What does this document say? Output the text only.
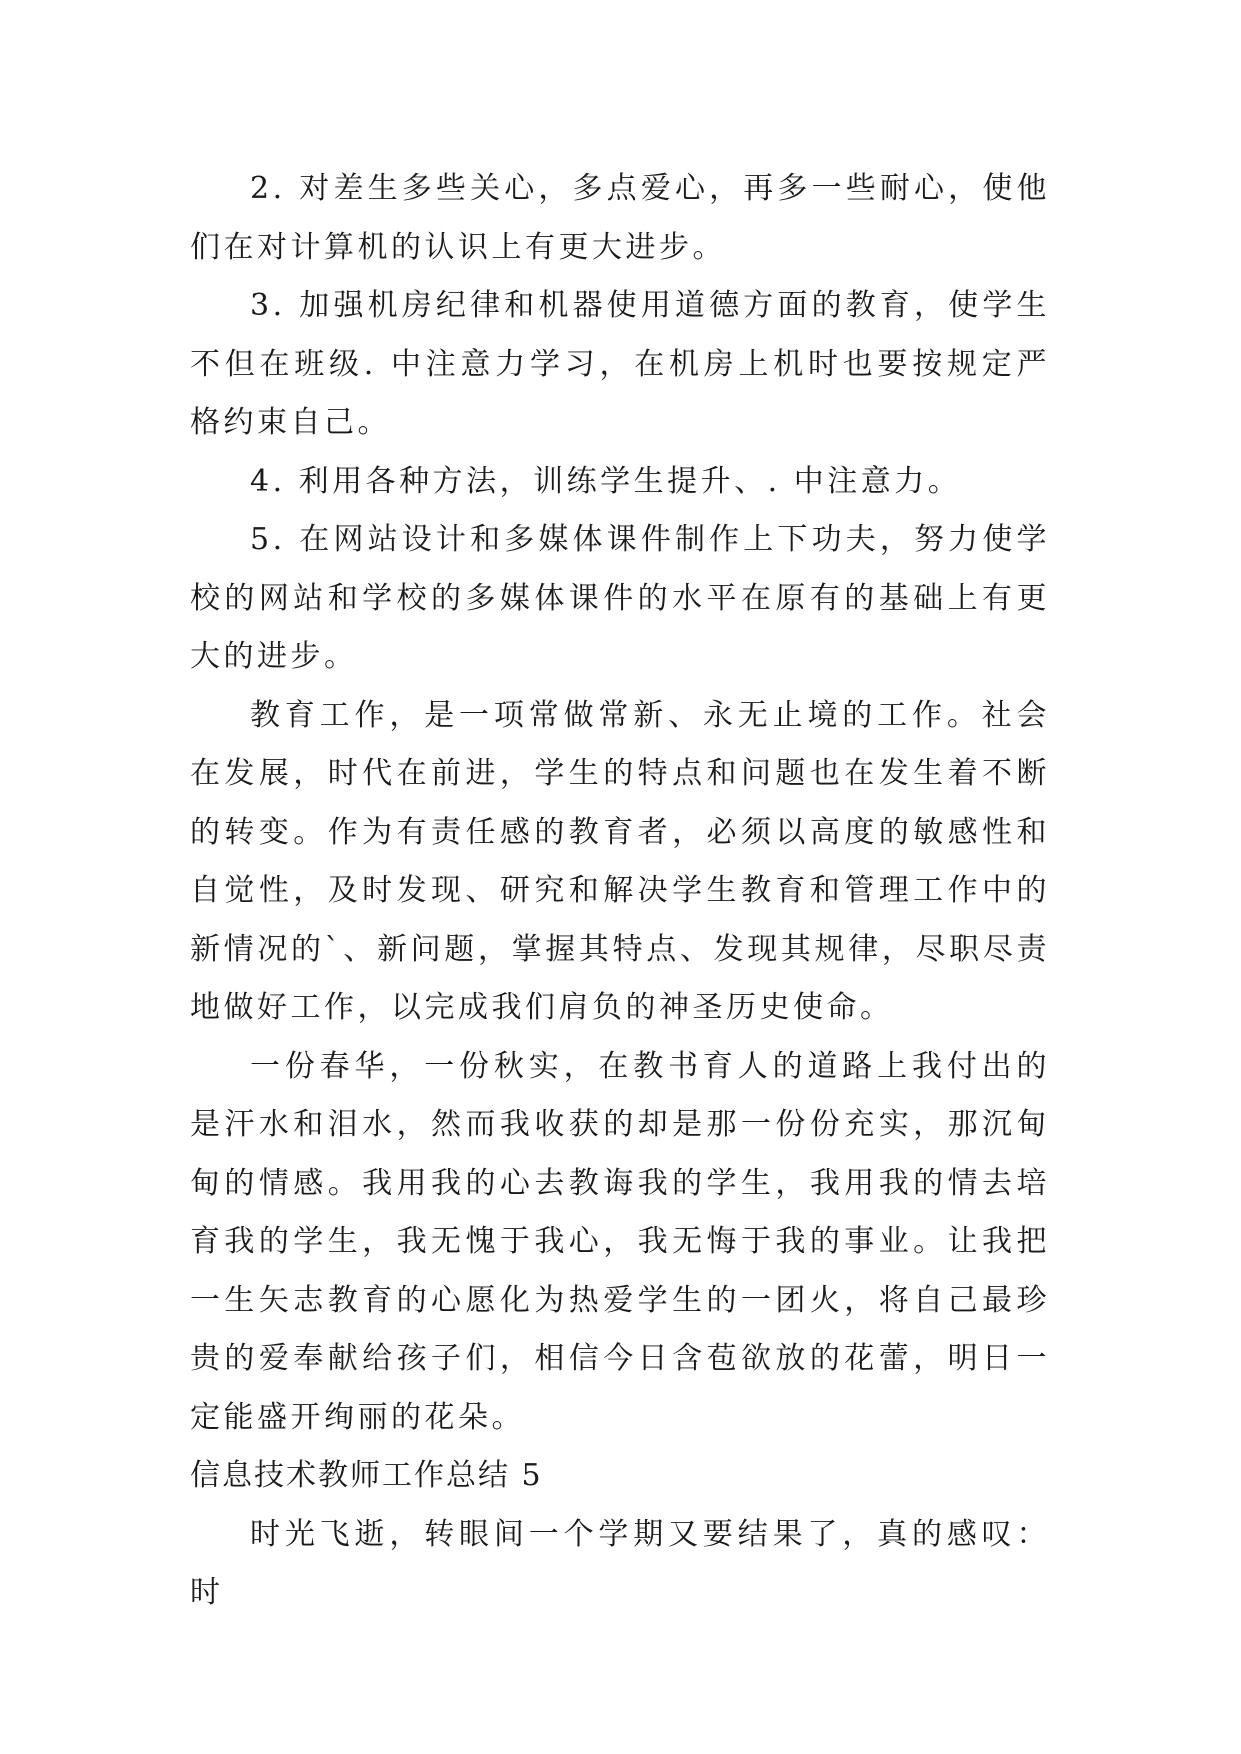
2. 对差生多些关心，多点爱心，再多一些耐心，使他们在对计算机的认识上有更大进步。

3. 加强机房纪律和机器使用道德方面的教育，使学生不但在班级. 中注意力学习，在机房上机时也要按规定严格约束自己。

4. 利用各种方法，训练学生提升、. 中注意力。

5. 在网站设计和多媒体课件制作上下功夫，努力使学校的网站和学校的多媒体课件的水平在原有的基础上有更大的进步。

教育工作，是一项常做常新、永无止境的工作。社会在发展，时代在前进，学生的特点和问题也在发生着不断的转变。作为有责任感的教育者，必须以高度的敏感性和自觉性，及时发现、研究和解决学生教育和管理工作中的新情况的`、新问题，掌握其特点、发现其规律，尽职尽责地做好工作，以完成我们肩负的神圣历史使命。

一份春华，一份秋实，在教书育人的道路上我付出的是汗水和泪水，然而我收获的却是那一份份充实，那沉甸甸的情感。我用我的心去教诲我的学生，我用我的情去培育我的学生，我无愧于我心，我无悔于我的事业。让我把一生矢志教育的心愿化为热爱学生的一团火，将自己最珍贵的爱奉献给孩子们，相信今日含苞欲放的花蕾，明日一定能盛开绚丽的花朵。

信息技术教师工作总结 5

时光飞逝，转眼间一个学期又要结果了，真的感叹：时
